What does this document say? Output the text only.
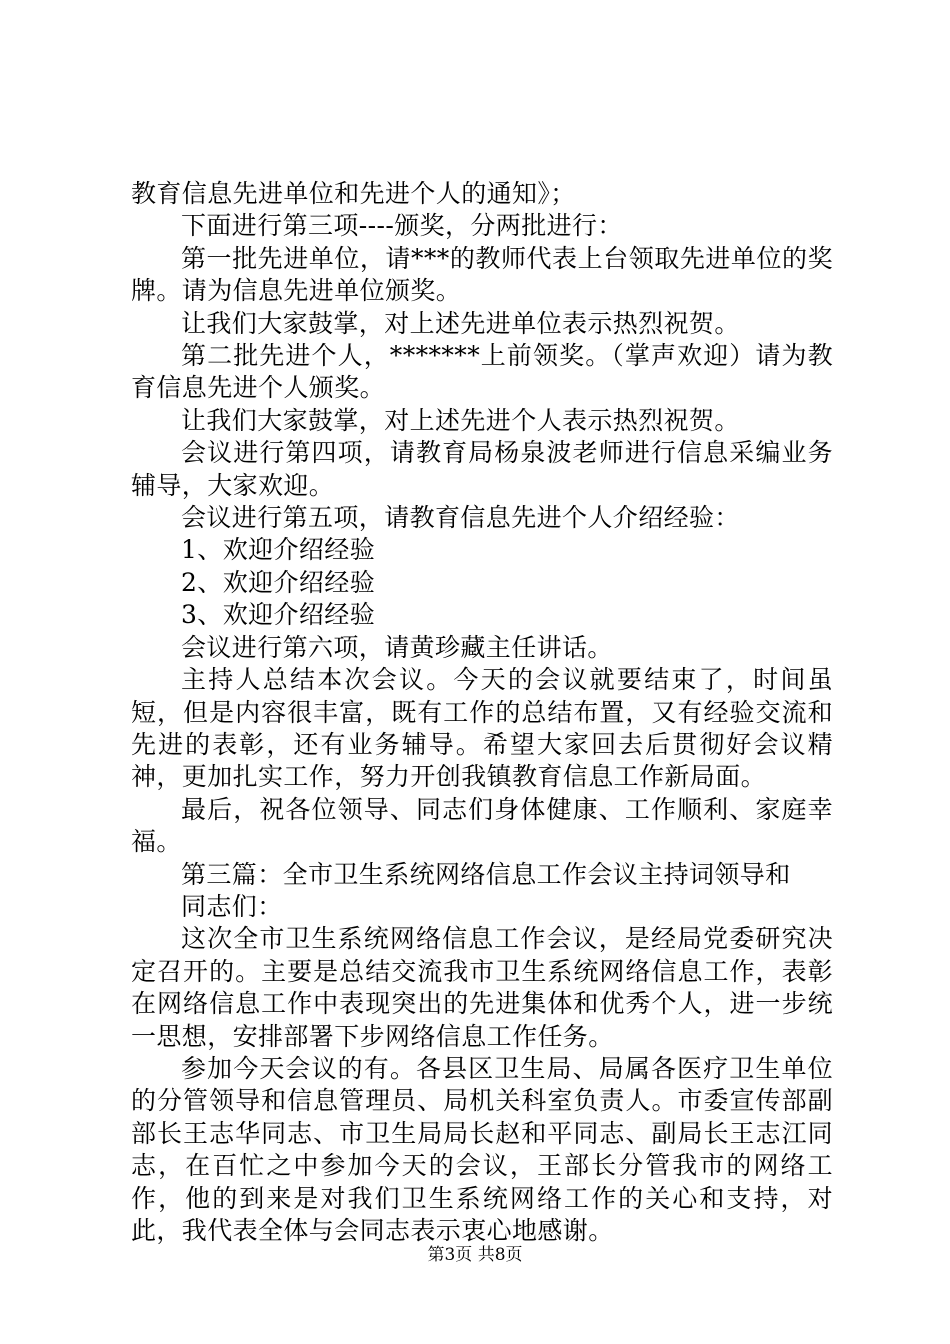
教育信息先进单位和先进个人的通知》；

下面进行第三项----颁奖，分两批进行：

第一批先进单位，请***的教师代表上台领取先进单位的奖牌。请为信息先进单位颁奖。

让我们大家鼓掌，对上述先进单位表示热烈祝贺。

第二批先进个人，*******上前领奖。（掌声欢迎）请为教育信息先进个人颁奖。

让我们大家鼓掌，对上述先进个人表示热烈祝贺。

会议进行第四项，请教育局杨泉波老师进行信息采编业务辅导，大家欢迎。

会议进行第五项，请教育信息先进个人介绍经验：

1、欢迎介绍经验

2、欢迎介绍经验

3、欢迎介绍经验

会议进行第六项，请黄珍藏主任讲话。

主持人总结本次会议。今天的会议就要结束了，时间虽短，但是内容很丰富，既有工作的总结布置，又有经验交流和先进的表彰，还有业务辅导。希望大家回去后贯彻好会议精神，更加扎实工作，努力开创我镇教育信息工作新局面。

最后，祝各位领导、同志们身体健康、工作顺利、家庭幸福。

第三篇：全市卫生系统网络信息工作会议主持词领导和

同志们：

这次全市卫生系统网络信息工作会议，是经局党委研究决定召开的。主要是总结交流我市卫生系统网络信息工作，表彰在网络信息工作中表现突出的先进集体和优秀个人，进一步统一思想，安排部署下步网络信息工作任务。

参加今天会议的有。各县区卫生局、局属各医疗卫生单位的分管领导和信息管理员、局机关科室负责人。市委宣传部副部长王志华同志、市卫生局局长赵和平同志、副局长王志江同志，在百忙之中参加今天的会议，王部长分管我市的网络工作，他的到来是对我们卫生系统网络工作的关心和支持，对此，我代表全体与会同志表示衷心地感谢。

第3页 共8页
